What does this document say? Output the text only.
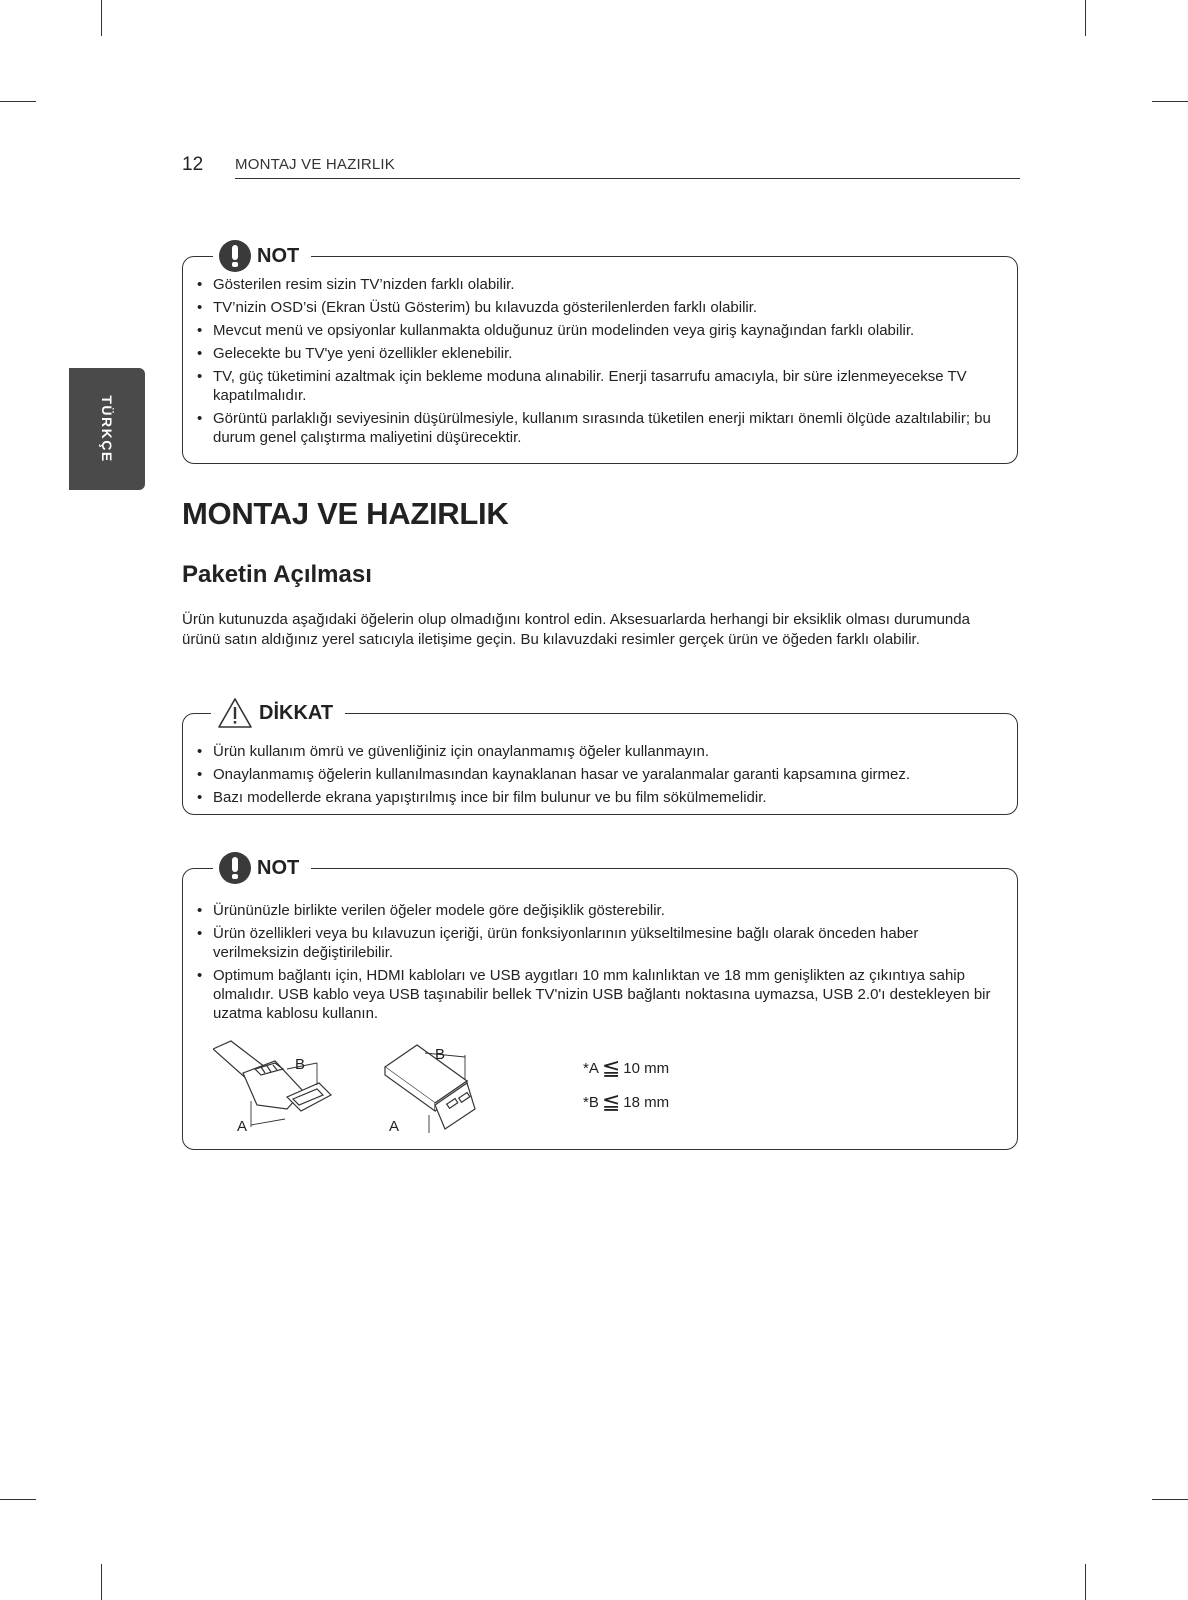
12 MONTAJ VE HAZIRLIK
TÜRKÇE
NOT
• Gösterilen resim sizin TV’nizden farklı olabilir.
• TV’nizin OSD’si (Ekran Üstü Gösterim) bu kılavuzda gösterilenlerden farklı olabilir.
• Mevcut menü ve opsiyonlar kullanmakta olduğunuz ürün modelinden veya giriş kaynağından farklı olabilir.
• Gelecekte bu TV'ye yeni özellikler eklenebilir.
• TV, güç tüketimini azaltmak için bekleme moduna alınabilir. Enerji tasarrufu amacıyla, bir süre izlenmeyecekse TV kapatılmalıdır.
• Görüntü parlaklığı seviyesinin düşürülmesiyle, kullanım sırasında tüketilen enerji miktarı önemli ölçüde azaltılabilir; bu durum genel çalıştırma maliyetini düşürecektir.
MONTAJ VE HAZIRLIK
Paketin Açılması
Ürün kutunuzda aşağıdaki öğelerin olup olmadığını kontrol edin. Aksesuarlarda herhangi bir eksiklik olması durumunda ürünü satın aldığınız yerel satıcıyla iletişime geçin. Bu kılavuzdaki resimler gerçek ürün ve öğeden farklı olabilir.
DİKKAT
• Ürün kullanım ömrü ve güvenliğiniz için onaylanmamış öğeler kullanmayın.
• Onaylanmamış öğelerin kullanılmasından kaynaklanan hasar ve yaralanmalar garanti kapsamına girmez.
• Bazı modellerde ekrana yapıştırılmış ince bir film bulunur ve bu film sökülmemelidir.
NOT
• Ürününüzle birlikte verilen öğeler modele göre değişiklik gösterebilir.
• Ürün özellikleri veya bu kılavuzun içeriği, ürün fonksiyonlarının yükseltilmesine bağlı olarak önceden haber verilmeksizin değiştirilebilir.
• Optimum bağlantı için, HDMI kabloları ve USB aygıtları 10 mm kalınlıktan ve 18 mm genişlikten az çıkıntıya sahip olmalıdır. USB kablo veya USB taşınabilir bellek TV'nizin USB bağlantı noktasına uymazsa, USB 2.0'ı destekleyen bir uzatma kablosu kullanın.
B
A
B
A
*A ≦ 10 mm
*B ≦ 18 mm
